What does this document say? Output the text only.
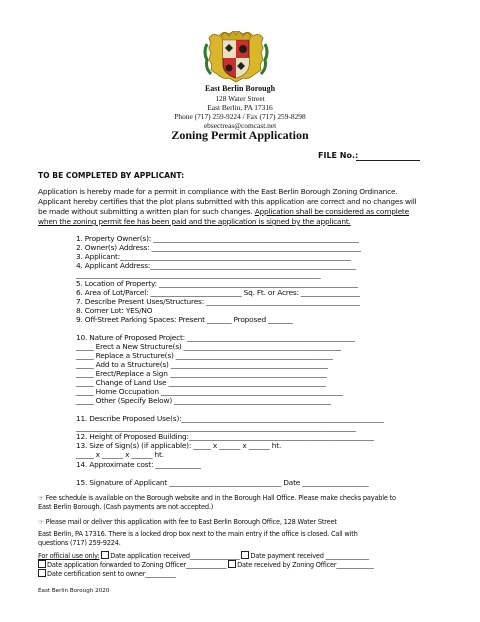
East Berlin Borough
128 Water Street
East Berlin, PA 17316
Phone (717) 259-9224 / Fax (717) 259-8298
ebsectreas@comcast.net
Zoning Permit Application
FILE No.:
TO BE COMPLETED BY APPLICANT:
Application is hereby made for a permit in compliance with the East Berlin Borough Zoning Ordinance.
Applicant hereby certifies that the plot plans submitted with this application are correct and no changes will
be made without submitting a written plan for such changes. Application shall be considered as complete
when the zoning permit fee has been paid and the application is signed by the applicant.
1. Property Owner(s): ___________________________________________________________
2. Owner(s) Address: ____________________________________________________________
3. Applicant:__________________________________________________________________
4. Applicant Address:___________________________________________________________
______________________________________________________________________
5. Location of Property: _________________________________________________________
6. Area of Lot/Parcel: __________________________ Sq. Ft. or Acres: _________________
7. Describe Present Uses/Structures: ____________________________________________
8. Corner Lot: YES/NO
9. Off-Street Parking Spaces: Present _______ Proposed _______
10. Nature of Proposed Project: ________________________________________________
_____ Erect a New Structure(s) _____________________________________________
_____ Replace a Structure(s) _____________________________________________
_____ Add to a Structure(s) _____________________________________________
_____ Erect/Replace a Sign _____________________________________________
_____ Change of Land Use _____________________________________________
_____ Home Occupation ____________________________________________________
_____ Other (Specify Below) _____________________________________________
11. Describe Proposed Use(s):__________________________________________________________
________________________________________________________________________________
12. Height of Proposed Building:_____________________________________________________
13. Size of Sign(s) (if applicable): _____ x ______ x ______ ht.
_____ x ______ x ______ ht.
14. Approximate cost: _____________
15. Signature of Applicant ________________________________ Date ___________________
☞ Fee schedule is available on the Borough website and in the Borough Hall Office. Please make checks payable to
East Berlin Borough. (Cash payments are not accepted.)
☞ Please mail or deliver this application with fee to East Berlin Borough Office, 128 Water Street
East Berlin, PA 17316. There is a locked drop box next to the main entry if the office is closed. Call with
questions (717) 259-9224.
For official use only: Date application received________________ Date payment received ______________
Date application forwarded to Zoning Officer_____________ Date received by Zoning Officer____________
Date certification sent to owner__________
East Berlin Borough 2020
